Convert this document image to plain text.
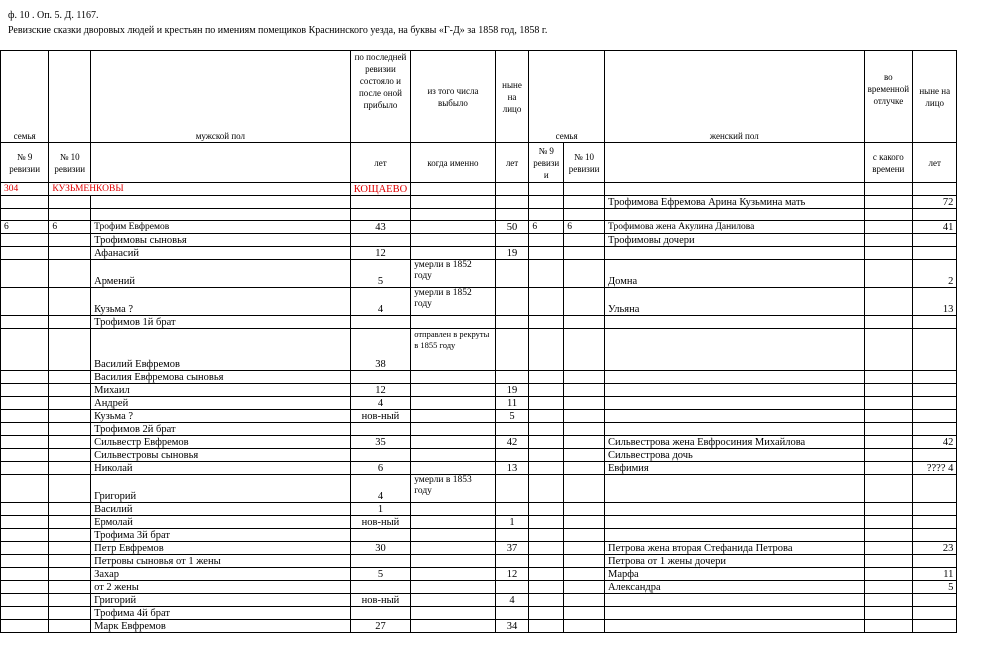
ф. 10 . Оп. 5. Д. 1167.
Ревизские сказки дворовых людей и крестьян по имениям помещиков Краснинского уезда, на буквы «Г-Д» за 1858 год, 1858 г.
семья		мужской пол	по последней ревизии состояло и после оной прибыло	из того числа выбыло	ныне на лицо	семья		женский пол	во временной отлучке	ныне на лицо	
№ 9 ревизии	№ 10 ревизии		лет	когда именно	лет	№ 9 ревизи и	№ 10 ревизии		с какого времени	лет	
304	КУЗЬМЕНКОВЫ		КОЩАЕВО								
								Трофимова Ефремова Арина Кузьмина мать		72	

6	6	Трофим Евфремов	43		50	6	6	Трофимова жена Акулина Данилова		41	
		Трофимовы сыновья						Трофимовы дочери			
		Афанасий	12		19						
		Армений	5	умерли в 1852 году				Домна		2	
		Кузьма ?	4	умерли в 1852 году				Ульяна		13	
		Трофимов 1й брат									
		Василий Евфремов	38	отправлен в рекруты в 1855 году							
		Василия Евфремова сыновья									
		Михаил	12		19						
		Андрей	4		11						
		Кузьма ?	нов-ный		5						
		Трофимов 2й брат									
		Сильвестр Евфремов	35		42			Сильвестрова жена Евфросиния Михайлова		42	
		Сильвестровы сыновья						Сильвестрова дочь			
		Николай	6		13			Евфимия		???? 4	
		Григорий	4	умерли в 1853 году							
		Василий	1								
		Ермолай	нов-ный		1						
		Трофима 3й брат									
		Петр Евфремов	30		37			Петрова жена вторая Стефанида Петрова		23	
		Петровы сыновья от 1 жены						Петрова от 1 жены дочери			
		Захар	5		12			Марфа		11	
		от 2 жены						Александра		5	
		Григорий	нов-ный		4						
		Трофима 4й брат									
		Марк Евфремов	27		34						
